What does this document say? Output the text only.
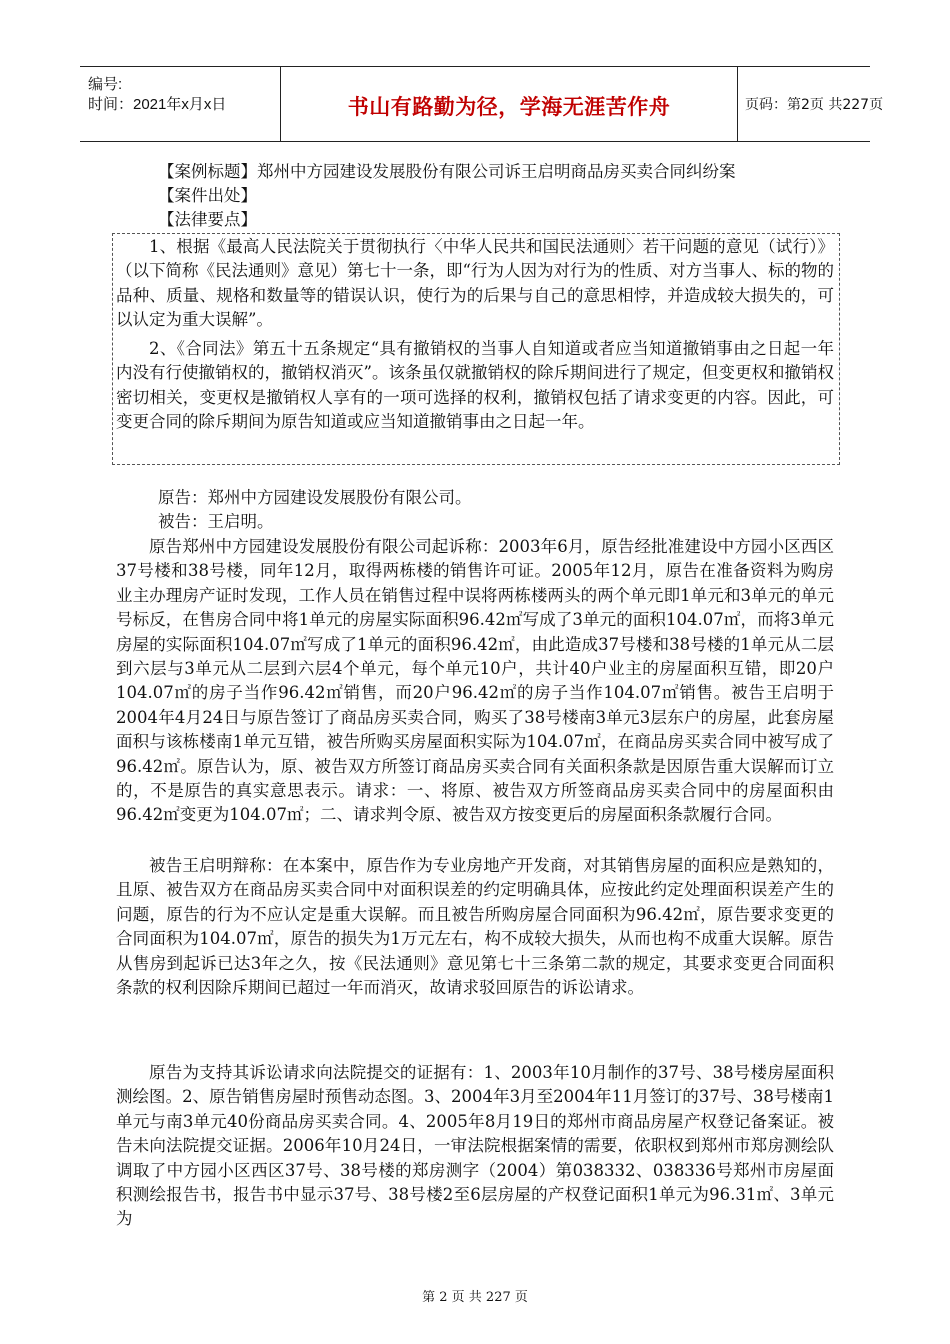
编号:
时间：2021年x月x日	书山有路勤为径，学海无涯苦作舟	页码：第2页 共227页
【案例标题】郑州中方园建设发展股份有限公司诉王启明商品房买卖合同纠纷案
【案件出处】
【法律要点】

1、根据《最高人民法院关于贯彻执行〈中华人民共和国民法通则〉若干问题的意见（试行）》（以下简称《民法通则》意见）第七十一条，即“行为人因为对行为的性质、对方当事人、标的物的品种、质量、规格和数量等的错误认识，使行为的后果与自己的意思相悖，并造成较大损失的，可以认定为重大误解”。

2、《合同法》第五十五条规定“具有撤销权的当事人自知道或者应当知道撤销事由之日起一年内没有行使撤销权的，撤销权消灭”。该条虽仅就撤销权的除斥期间进行了规定，但变更权和撤销权密切相关，变更权是撤销权人享有的一项可选择的权利，撤销权包括了请求变更的内容。因此，可变更合同的除斥期间为原告知道或应当知道撤销事由之日起一年。

原告：郑州中方园建设发展股份有限公司。
被告：王启明。

原告郑州中方园建设发展股份有限公司起诉称：2003年6月，原告经批准建设中方园小区西区37号楼和38号楼，同年12月，取得两栋楼的销售许可证。2005年12月，原告在准备资料为购房业主办理房产证时发现，工作人员在销售过程中误将两栋楼两头的两个单元即1单元和3单元的单元号标反，在售房合同中将1单元的房屋实际面积96.42㎡写成了3单元的面积104.07㎡，而将3单元房屋的实际面积104.07㎡写成了1单元的面积96.42㎡，由此造成37号楼和38号楼的1单元从二层到六层与3单元从二层到六层4个单元，每个单元10户，共计40户业主的房屋面积互错，即20户104.07㎡的房子当作96.42㎡销售，而20户96.42㎡的房子当作104.07㎡销售。被告王启明于2004年4月24日与原告签订了商品房买卖合同，购买了38号楼南3单元3层东户的房屋，此套房屋面积与该栋楼南1单元互错，被告所购买房屋面积实际为104.07㎡，在商品房买卖合同中被写成了96.42㎡。原告认为，原、被告双方所签订商品房买卖合同有关面积条款是因原告重大误解而订立的，不是原告的真实意思表示。请求：一、将原、被告双方所签商品房买卖合同中的房屋面积由96.42㎡变更为104.07㎡；二、请求判令原、被告双方按变更后的房屋面积条款履行合同。

被告王启明辩称：在本案中，原告作为专业房地产开发商，对其销售房屋的面积应是熟知的，且原、被告双方在商品房买卖合同中对面积误差的约定明确具体，应按此约定处理面积误差产生的问题，原告的行为不应认定是重大误解。而且被告所购房屋合同面积为96.42㎡，原告要求变更的合同面积为104.07㎡，原告的损失为1万元左右，构不成较大损失，从而也构不成重大误解。原告从售房到起诉已达3年之久，按《民法通则》意见第七十三条第二款的规定，其要求变更合同面积条款的权利因除斥期间已超过一年而消灭，故请求驳回原告的诉讼请求。

原告为支持其诉讼请求向法院提交的证据有：1、2003年10月制作的37号、38号楼房屋面积测绘图。2、原告销售房屋时预售动态图。3、2004年3月至2004年11月签订的37号、38号楼南1单元与南3单元40份商品房买卖合同。4、2005年8月19日的郑州市商品房屋产权登记备案证。被告未向法院提交证据。2006年10月24日，一审法院根据案情的需要，依职权到郑州市郑房测绘队调取了中方园小区西区37号、38号楼的郑房测字（2004）第038332、038336号郑州市房屋面积测绘报告书，报告书中显示37号、38号楼2至6层房屋的产权登记面积1单元为96.31㎡、3单元为

第 2 页 共 227 页
